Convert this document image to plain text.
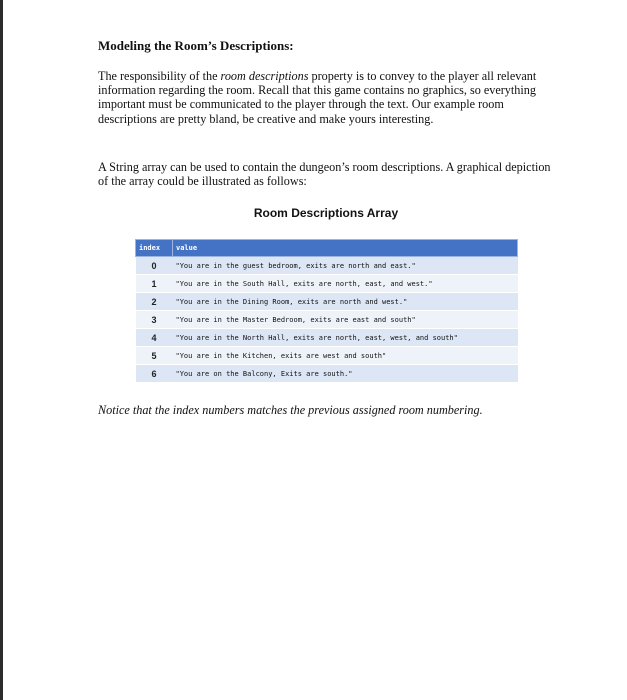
Modeling the Room’s Descriptions:

The responsibility of the room descriptions property is to convey to the player all relevant information regarding the room. Recall that this game contains no graphics, so everything important must be communicated to the player through the text. Our example room descriptions are pretty bland, be creative and make yours interesting.

A String array can be used to contain the dungeon’s room descriptions. A graphical depiction of the array could be illustrated as follows:

Room Descriptions Array
index	value
0	"You are in the guest bedroom, exits are north and east."
1	"You are in the South Hall, exits are north, east, and west."
2	"You are in the Dining Room, exits are north and west."
3	"You are in the Master Bedroom, exits are east and south"
4	"You are in the North Hall, exits are north, east, west, and south"
5	"You are in the Kitchen, exits are west and south"
6	"You are on the Balcony, Exits are south."

Notice that the index numbers matches the previous assigned room numbering.
